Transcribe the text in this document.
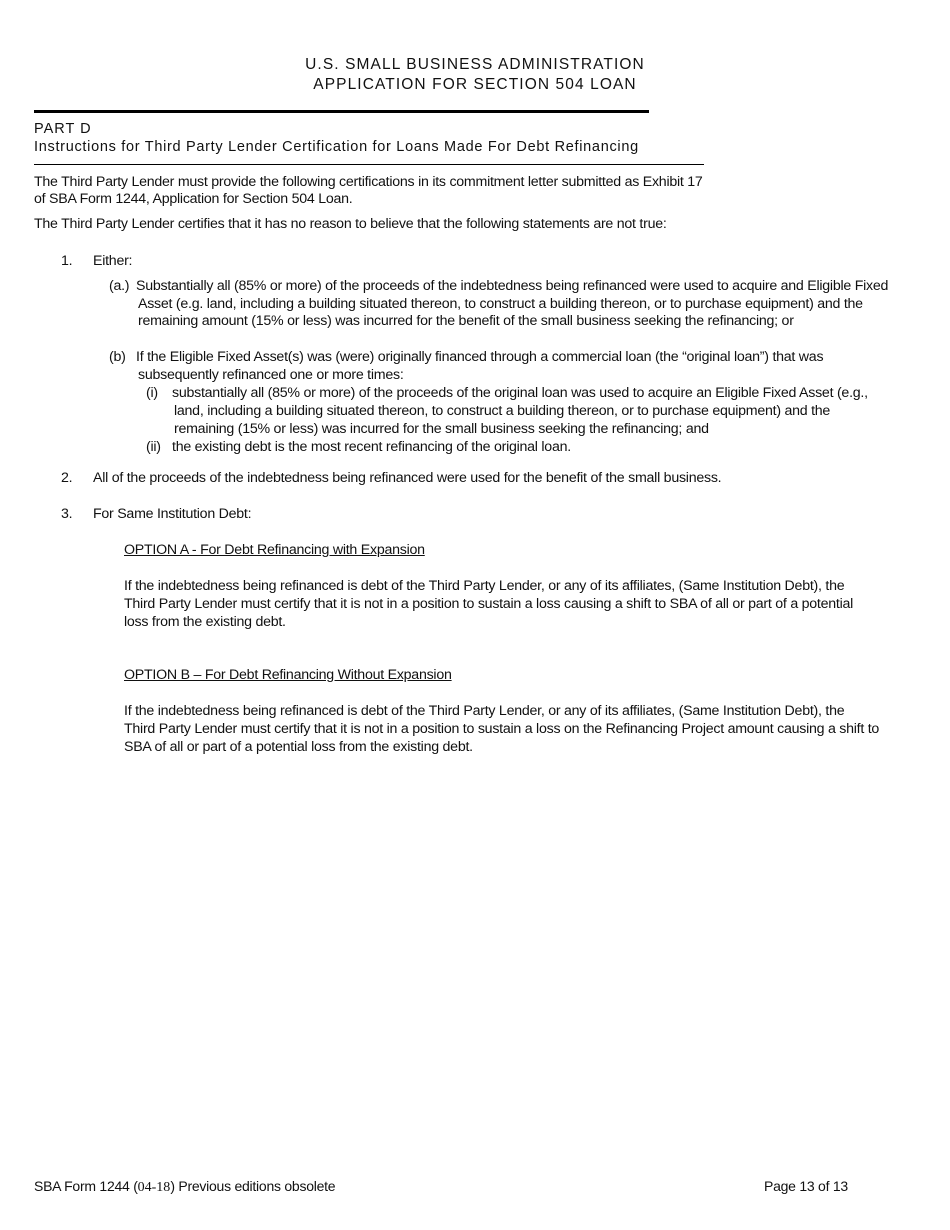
U.S. SMALL BUSINESS ADMINISTRATION
APPLICATION FOR SECTION 504 LOAN
PART D
Instructions for Third Party Lender Certification for Loans Made For Debt Refinancing
The Third Party Lender must provide the following certifications in its commitment letter submitted as Exhibit 17
of SBA Form 1244, Application for Section 504 Loan.
The Third Party Lender certifies that it has no reason to believe that the following statements are not true:
1.	Either:
(a.) Substantially all (85% or more) of the proceeds of the indebtedness being refinanced were used to acquire and Eligible Fixed
Asset (e.g. land, including a building situated thereon, to construct a building thereon, or to purchase equipment) and the
remaining amount (15% or less) was incurred for the benefit of the small business seeking the refinancing; or
(b) If the Eligible Fixed Asset(s) was (were) originally financed through a commercial loan (the “original loan”) that was
subsequently refinanced one or more times:
(i) substantially all (85% or more) of the proceeds of the original loan was used to acquire an Eligible Fixed Asset (e.g.,
land, including a building situated thereon, to construct a building thereon, or to purchase equipment) and the
remaining (15% or less) was incurred for the small business seeking the refinancing; and
(ii) the existing debt is the most recent refinancing of the original loan.
2.	All of the proceeds of the indebtedness being refinanced were used for the benefit of the small business.
3.	For Same Institution Debt:
OPTION A - For Debt Refinancing with Expansion
If the indebtedness being refinanced is debt of the Third Party Lender, or any of its affiliates, (Same Institution Debt), the
Third Party Lender must certify that it is not in a position to sustain a loss causing a shift to SBA of all or part of a potential
loss from the existing debt.
OPTION B – For Debt Refinancing Without Expansion
If the indebtedness being refinanced is debt of the Third Party Lender, or any of its affiliates, (Same Institution Debt), the
Third Party Lender must certify that it is not in a position to sustain a loss on the Refinancing Project amount causing a shift to
SBA of all or part of a potential loss from the existing debt.
SBA Form 1244 (04-18) Previous editions obsolete	Page 13 of 13
